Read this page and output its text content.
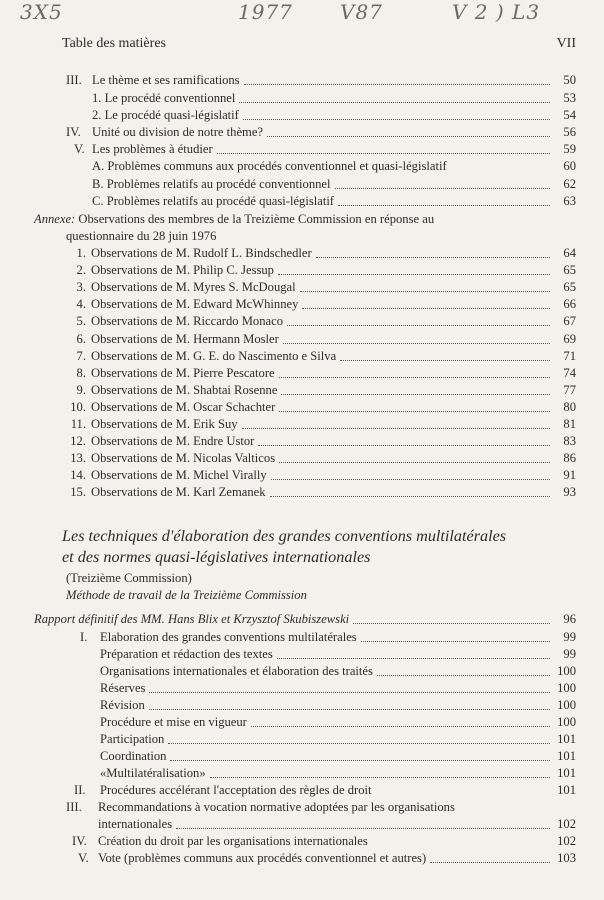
3X5	1977 V87	V 2 ) L3
Table des matières	VII
III. Le thème et ses ramifications	50
1. Le procédé conventionnel	53
2. Le procédé quasi-législatif	54
IV. Unité ou division de notre thème?	56
V. Les problèmes à étudier	59
A. Problèmes communs aux procédés conventionnel et quasi-législatif	60
B. Problèmes relatifs au procédé conventionnel	62
C. Problèmes relatifs au procédé quasi-législatif	63
Annexe: Observations des membres de la Treizième Commission en réponse au
questionnaire du 28 juin 1976
1. Observations de M. Rudolf L. Bindschedler	64
2. Observations de M. Philip C. Jessup	65
3. Observations de M. Myres S. McDougal	65
4. Observations de M. Edward McWhinney	66
5. Observations de M. Riccardo Monaco	67
6. Observations de M. Hermann Mosler	69
7. Observations de M. G. E. do Nascimento e Silva	71
8. Observations de M. Pierre Pescatore	74
9. Observations de M. Shabtai Rosenne	77
10. Observations de M. Oscar Schachter	80
11. Observations de M. Erik Suy	81
12. Observations de M. Endre Ustor	83
13. Observations de M. Nicolas Valticos	86
14. Observations de M. Michel Virally	91
15. Observations de M. Karl Zemanek	93
Les techniques d'élaboration des grandes conventions multilatérales
et des normes quasi-législatives internationales
(Treizième Commission)
Méthode de travail de la Treizième Commission
Rapport définitif des MM. Hans Blix et Krzysztof Skubiszewski	96
I.	Elaboration des grandes conventions multilatérales	99
Préparation et rédaction des textes	99
Organisations internationales et élaboration des traités	100
Réserves	100
Révision	100
Procédure et mise en vigueur	100
Participation	101
Coordination	101
«Multilatéralisation»	101
II.	Procédures accélérant l'acceptation des règles de droit	101
III. Recommandations à vocation normative adoptées par les organisations
internationales	102
IV. Création du droit par les organisations internationales	102
V. Vote (problèmes communs aux procédés conventionnel et autres)	103
